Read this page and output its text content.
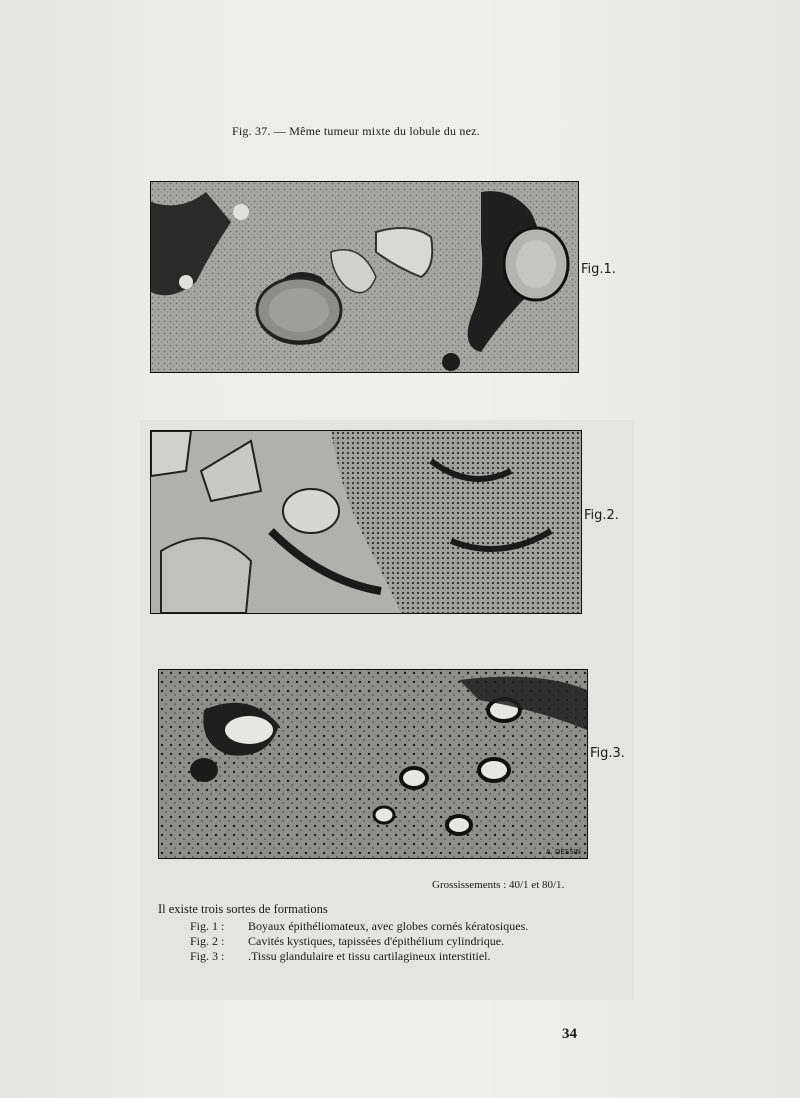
Fig. 37. — Même tumeur mixte du lobule du nez.
Fig.1.
Fig.2.
A. DESSIN
Fig.3.
Grossissements : 40/1 et 80/1.
Il existe trois sortes de formations
Fig. 1 : Boyaux épithéliomateux, avec globes cornés kératosiques.
Fig. 2 : Cavités kystiques, tapissées d'épithélium cylindrique.
Fig. 3 : .Tissu glandulaire et tissu cartilagineux interstitiel.
34
